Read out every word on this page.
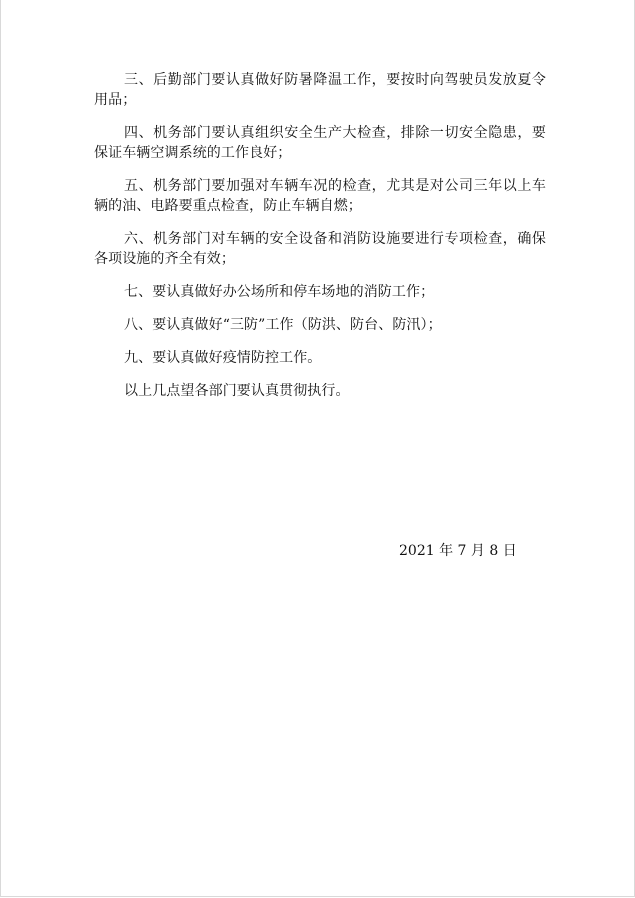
三、后勤部门要认真做好防暑降温工作，要按时向驾驶员发放夏令用品；

四、机务部门要认真组织安全生产大检查，排除一切安全隐患，要保证车辆空调系统的工作良好；

五、机务部门要加强对车辆车况的检查，尤其是对公司三年以上车辆的油、电路要重点检查，防止车辆自燃；

六、机务部门对车辆的安全设备和消防设施要进行专项检查，确保各项设施的齐全有效；

七、要认真做好办公场所和停车场地的消防工作；

八、要认真做好“三防”工作（防洪、防台、防汛）；

九、要认真做好疫情防控工作。

以上几点望各部门要认真贯彻执行。

2021 年 7 月 8 日
